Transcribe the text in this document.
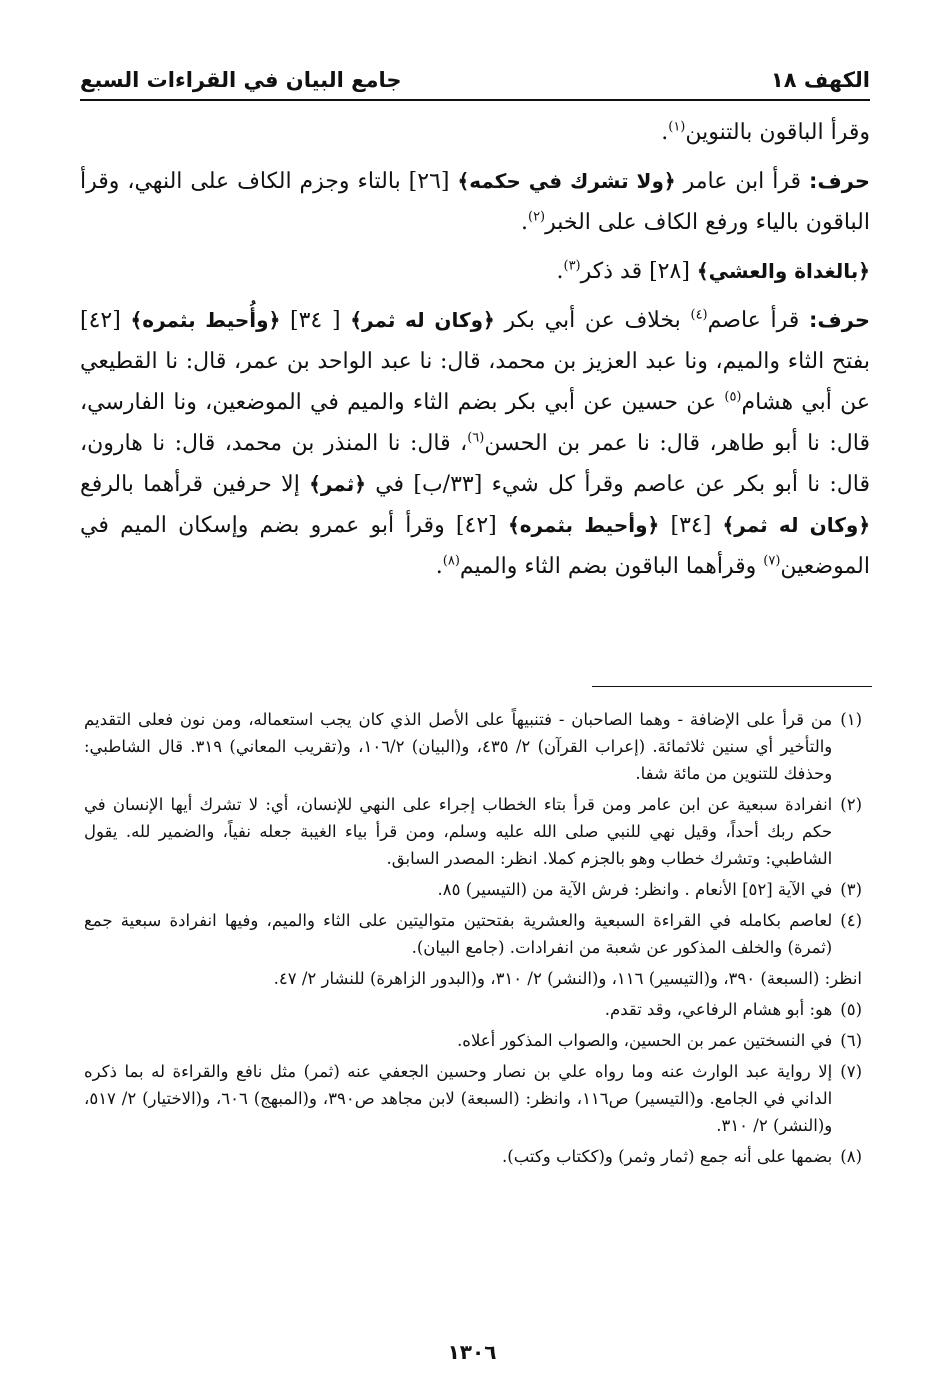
الكهف ١٨
جامع البيان في القراءات السبع

وقرأ الباقون بالتنوين$^{(١)}$.

حرف: قرأ ابن عامر ﴿ولا تشرك في حكمه﴾ [٢٦] بالتاء وجزم الكاف على النهي، وقرأ الباقون بالياء ورفع الكاف على الخبر$^{(٢)}$.

﴿بالغداة والعشي﴾ [٢٨] قد ذكر$^{(٣)}$.

حرف: قرأ عاصم$^{(٤)}$ بخلاف عن أبي بكر ﴿وكان له ثمر﴾ [ ٣٤] ﴿وأُحيط بثمره﴾ [٤٢] بفتح الثاء والميم، ونا عبد العزيز بن محمد، قال: نا عبد الواحد بن عمر، قال: نا القطيعي عن أبي هشام$^{(٥)}$ عن حسين عن أبي بكر بضم الثاء والميم في الموضعين، ونا الفارسي، قال: نا أبو طاهر، قال: نا عمر بن الحسن$^{(٦)}$، قال: نا المنذر بن محمد، قال: نا هارون، قال: نا أبو بكر عن عاصم وقرأ كل شيء [٣٣/ب] في ﴿ثمر﴾ إلا حرفين قرأهما بالرفع ﴿وكان له ثمر﴾ [٣٤] ﴿وأحيط بثمره﴾ [٤٢] وقرأ أبو عمرو بضم وإسكان الميم في الموضعين$^{(٧)}$ وقرأهما الباقون بضم الثاء والميم$^{(٨)}$.

(١)
من قرأ على الإضافة - وهما الصاحبان - فتنبيهاً على الأصل الذي كان يجب استعماله، ومن نون فعلى التقديم والتأخير أي سنين ثلاثمائة. (إعراب القرآن) ٢/ ٤٣٥، و(البيان) ١٠٦/٢، و(تقريب المعاني) ٣١٩. قال الشاطبي: وحذفك للتنوين من مائة شفا.
(٢)
انفرادة سبعية عن ابن عامر ومن قرأ بتاء الخطاب إجراء على النهي للإنسان، أي: لا تشرك أيها الإنسان في حكم ربك أحداً، وقيل نهي للنبي صلى الله عليه وسلم، ومن قرأ بياء الغيبة جعله نفياً، والضمير لله. يقول الشاطبي: وتشرك خطاب وهو بالجزم كملا. انظر: المصدر السابق.
(٣)
في الآية [٥٢] الأنعام . وانظر: فرش الآية من (التيسير) ٨٥.
(٤)
لعاصم بكامله في القراءة السبعية والعشرية بفتحتين متواليتين على الثاء والميم، وفيها انفرادة سبعية جمع (ثمرة) والخلف المذكور عن شعبة من انفرادات. (جامع البيان).
انظر: (السبعة) ٣٩٠، و(التيسير) ١١٦، و(النشر) ٢/ ٣١٠، و(البدور الزاهرة) للنشار ٢/ ٤٧.
(٥)
هو: أبو هشام الرفاعي، وقد تقدم.
(٦)
في النسختين عمر بن الحسين، والصواب المذكور أعلاه.
(٧)
إلا رواية عبد الوارث عنه وما رواه علي بن نصار وحسين الجعفي عنه (ثمر) مثل نافع والقراءة له بما ذكره الداني في الجامع. و(التيسير) ص١١٦، وانظر: (السبعة) لابن مجاهد ص٣٩٠، و(المبهج) ٦٠٦، و(الاختيار) ٢/ ٥١٧، و(النشر) ٢/ ٣١٠.
(٨)
بضمها على أنه جمع (ثمار وثمر) و(ككتاب وكتب).
١٣٠٦
